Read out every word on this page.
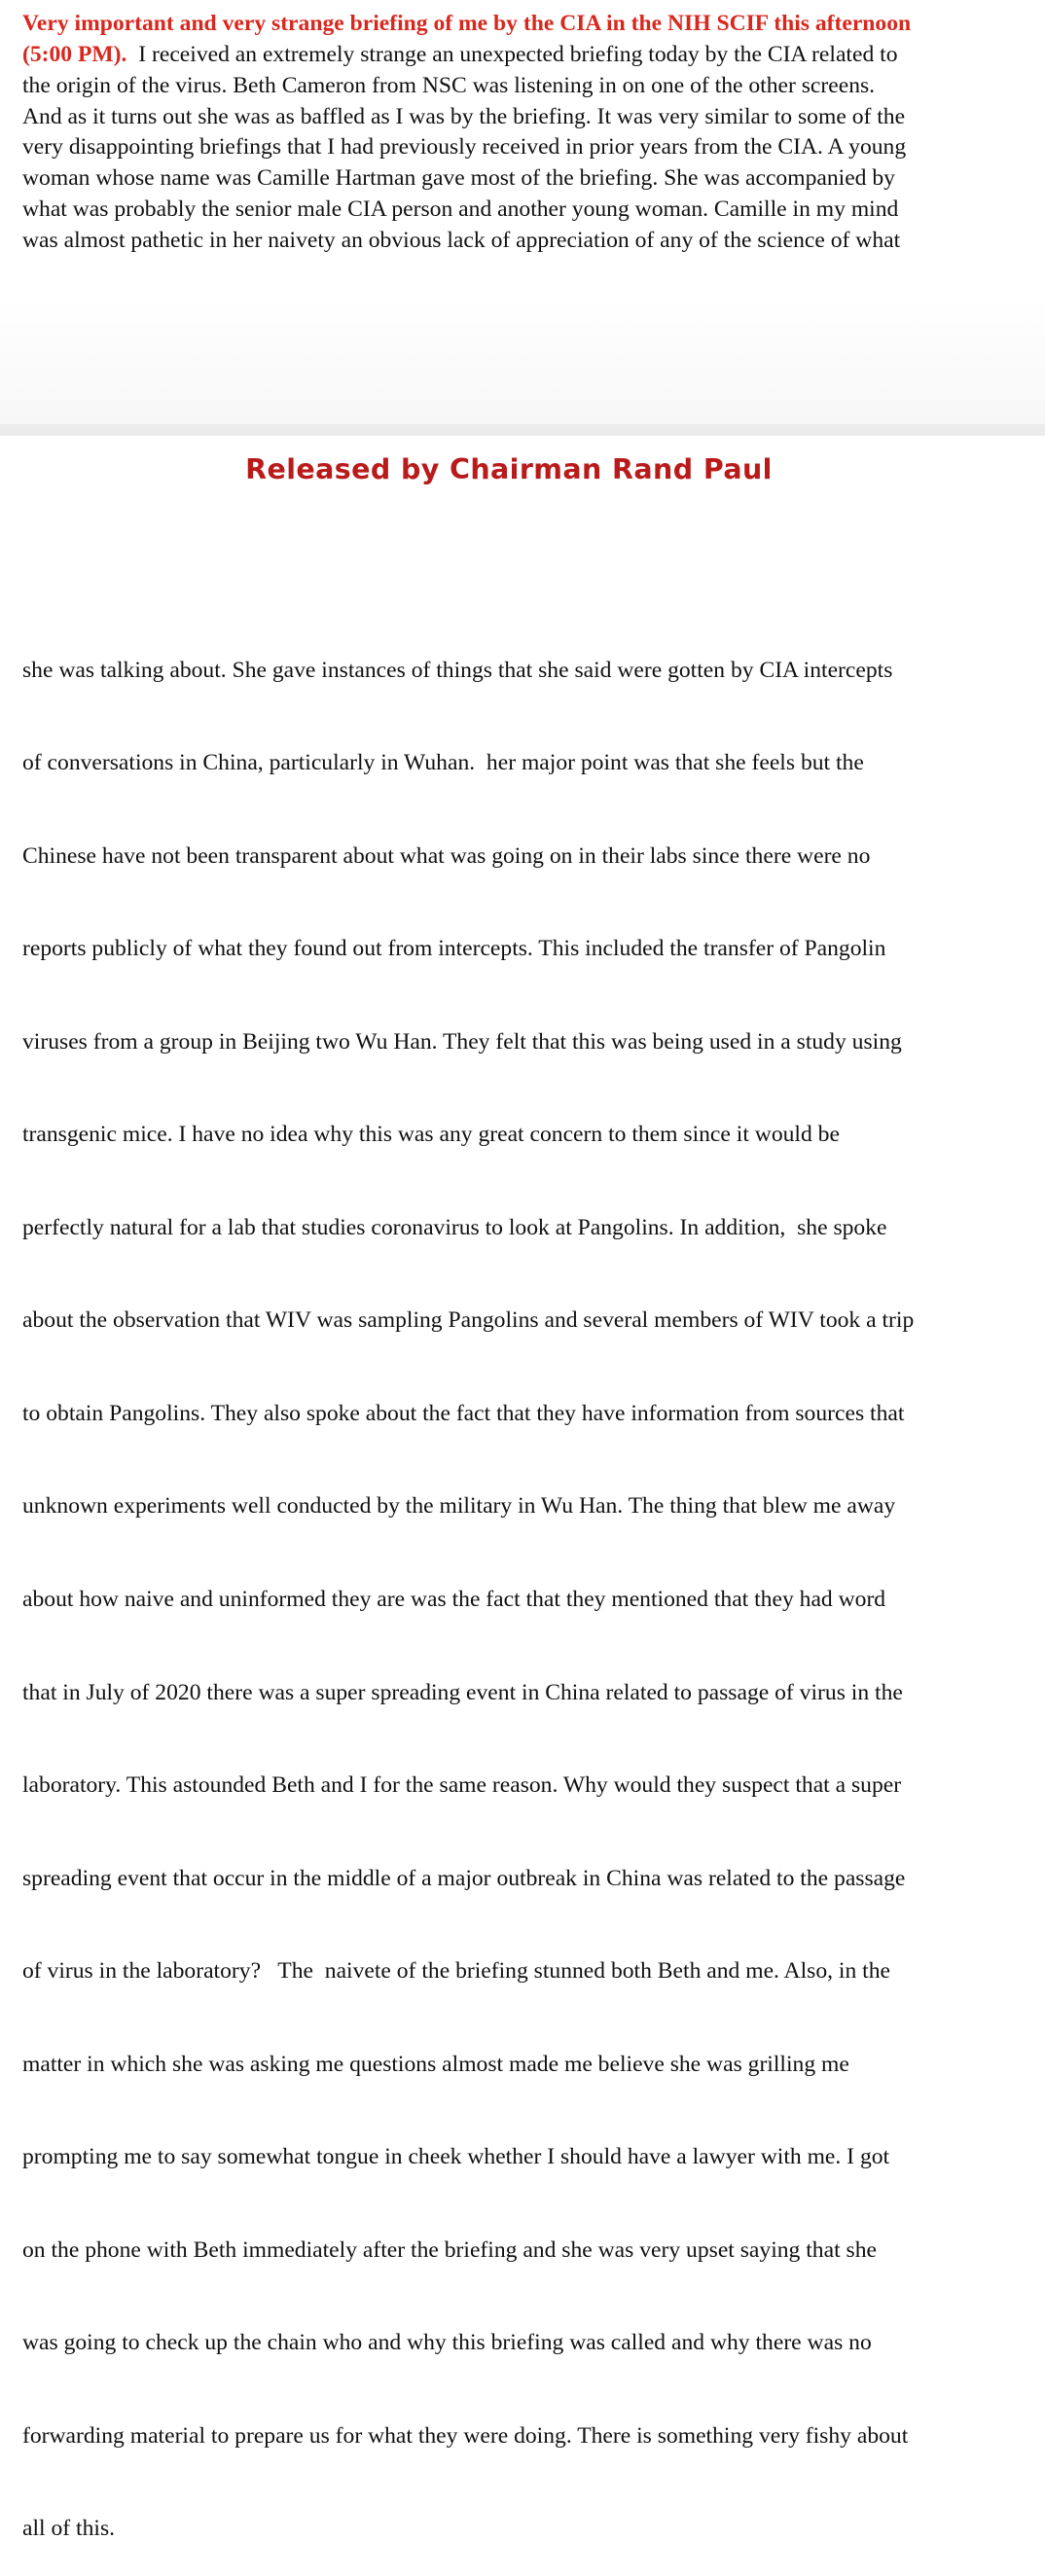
Very important and very strange briefing of me by the CIA in the NIH SCIF this afternoon
(5:00 PM).  I received an extremely strange an unexpected briefing today by the CIA related to
the origin of the virus. Beth Cameron from NSC was listening in on one of the other screens.
And as it turns out she was as baffled as I was by the briefing. It was very similar to some of the
very disappointing briefings that I had previously received in prior years from the CIA. A young
woman whose name was Camille Hartman gave most of the briefing. She was accompanied by
what was probably the senior male CIA person and another young woman. Camille in my mind
was almost pathetic in her naivety an obvious lack of appreciation of any of the science of what
Released by Chairman Rand Paul

she was talking about. She gave instances of things that she said were gotten by CIA intercepts

of conversations in China, particularly in Wuhan.  her major point was that she feels but the

Chinese have not been transparent about what was going on in their labs since there were no

reports publicly of what they found out from intercepts. This included the transfer of Pangolin

viruses from a group in Beijing two Wu Han. They felt that this was being used in a study using

transgenic mice. I have no idea why this was any great concern to them since it would be

perfectly natural for a lab that studies coronavirus to look at Pangolins. In addition,  she spoke

about the observation that WIV was sampling Pangolins and several members of WIV took a trip

to obtain Pangolins. They also spoke about the fact that they have information from sources that

unknown experiments well conducted by the military in Wu Han. The thing that blew me away

about how naive and uninformed they are was the fact that they mentioned that they had word

that in July of 2020 there was a super spreading event in China related to passage of virus in the

laboratory. This astounded Beth and I for the same reason. Why would they suspect that a super

spreading event that occur in the middle of a major outbreak in China was related to the passage

of virus in the laboratory?   The  naivete of the briefing stunned both Beth and me. Also, in the

matter in which she was asking me questions almost made me believe she was grilling me

prompting me to say somewhat tongue in cheek whether I should have a lawyer with me. I got

on the phone with Beth immediately after the briefing and she was very upset saying that she

was going to check up the chain who and why this briefing was called and why there was no

forwarding material to prepare us for what they were doing. There is something very fishy about

all of this.
